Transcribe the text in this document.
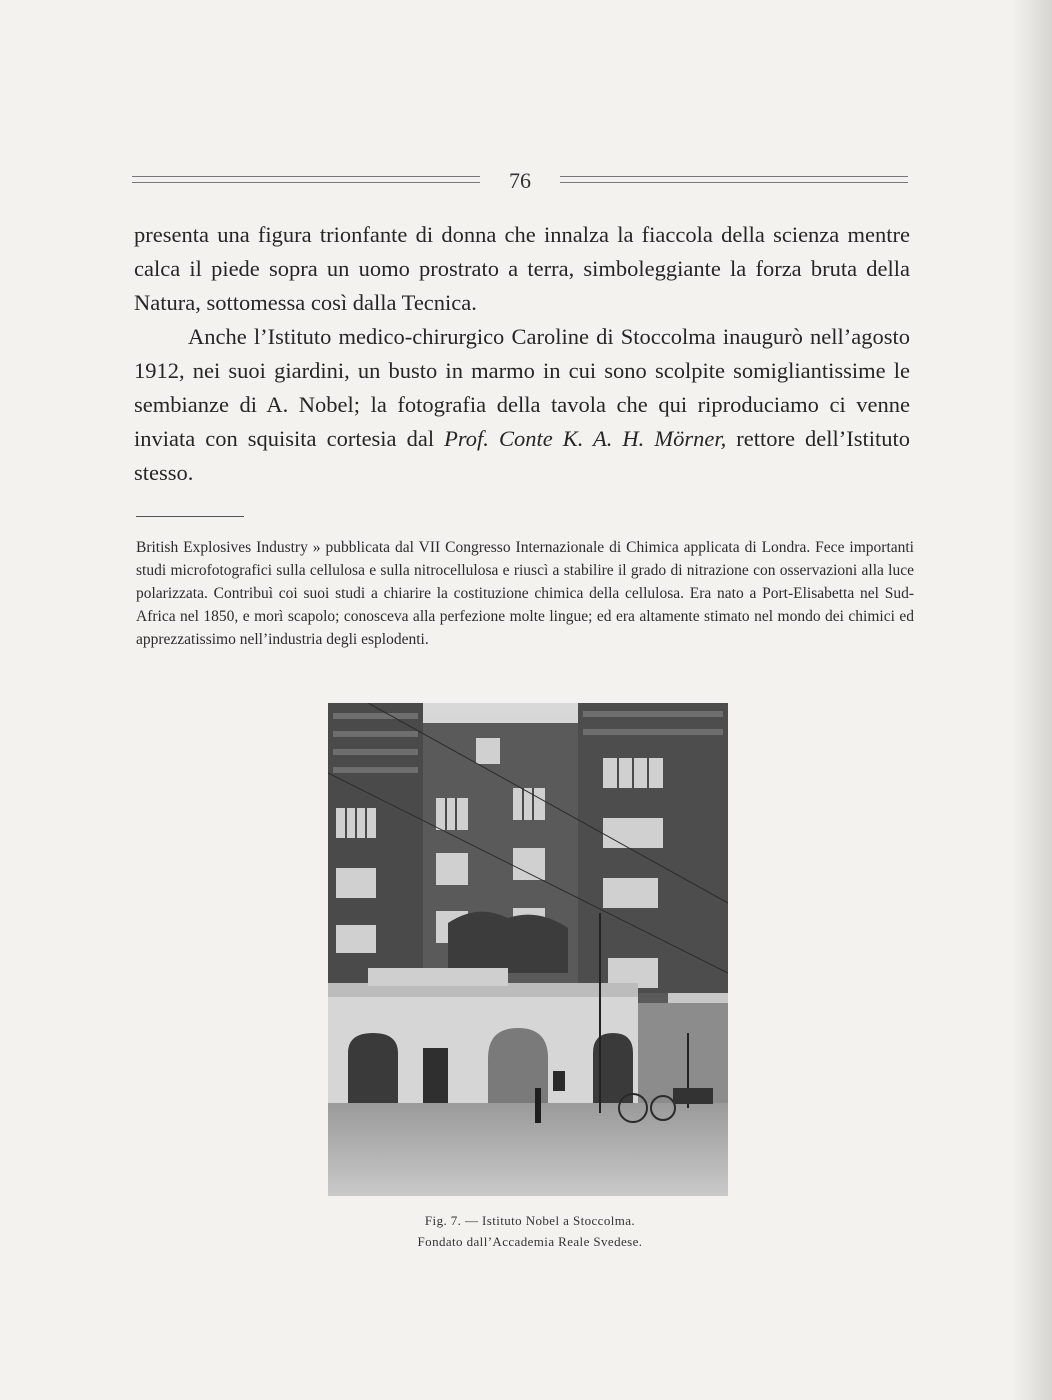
76

presenta una figura trionfante di donna che innalza la fiaccola della scienza mentre calca il piede sopra un uomo prostrato a terra, simboleggiante la forza bruta della Natura, sottomessa così dalla Tecnica.

Anche l’Istituto medico-chirurgico Caroline di Stoccolma inaugurò nell’agosto 1912, nei suoi giardini, un busto in marmo in cui sono scolpite somigliantissime le sembianze di A. Nobel; la fotografia della tavola che qui riproduciamo ci venne inviata con squisita cortesia dal Prof. Conte K. A. H. Mörner, rettore dell’Istituto stesso.

British Explosives Industry » pubblicata dal VII Congresso Internazionale di Chimica applicata di Londra. Fece importanti studi microfotografici sulla cellulosa e sulla nitrocellulosa e riuscì a stabilire il grado di nitrazione con osservazioni alla luce polarizzata. Contribuì coi suoi studi a chiarire la costituzione chimica della cellulosa. Era nato a Port-Elisabetta nel Sud-Africa nel 1850, e morì scapolo; conosceva alla perfezione molte lingue; ed era altamente stimato nel mondo dei chimici ed apprezzatissimo nell’industria degli esplodenti.

Fig. 7. — Istituto Nobel a Stoccolma.
Fondato dall’Accademia Reale Svedese.
